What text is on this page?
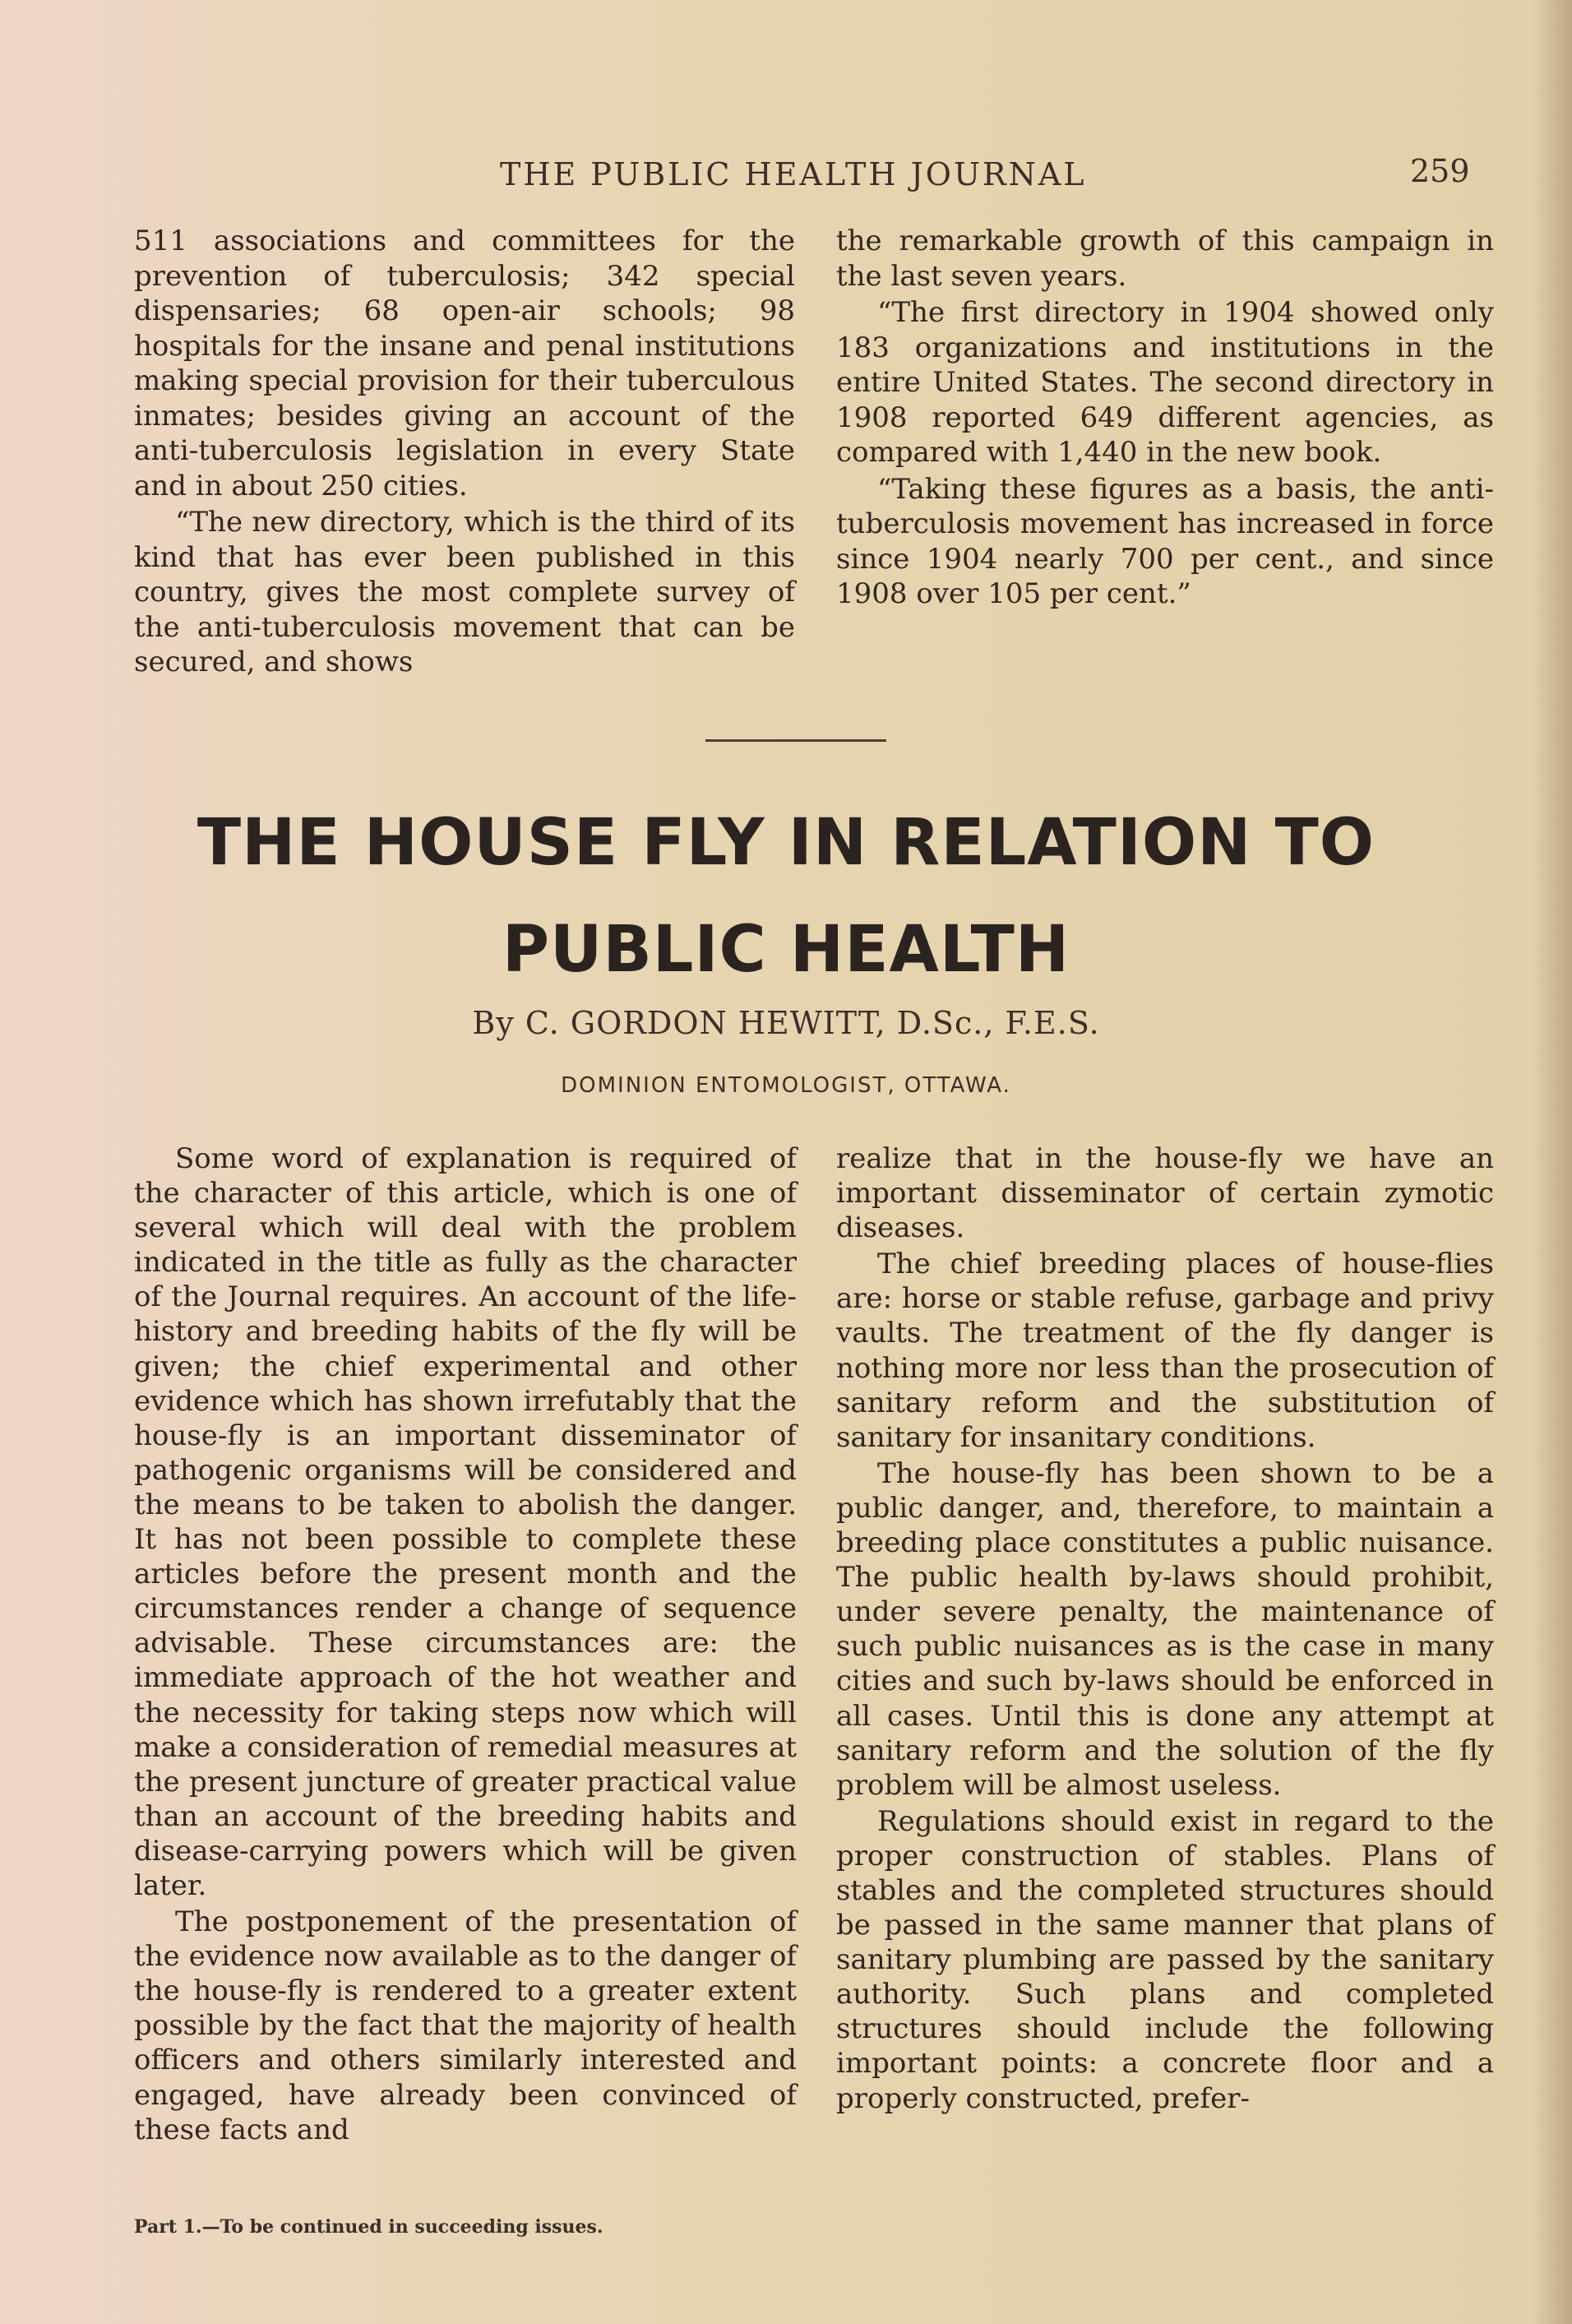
THE PUBLIC HEALTH JOURNAL	259

511 associations and committees for the prevention of tuberculosis; 342 special dispensaries; 68 open-air schools; 98 hospitals for the insane and penal institutions making special provision for their tuberculous inmates; besides giving an account of the anti-tuberculosis legislation in every State and in about 250 cities.

“The new directory, which is the third of its kind that has ever been published in this country, gives the most complete survey of the anti-tuberculosis movement that can be secured, and shows

the remarkable growth of this campaign in the last seven years.

“The first directory in 1904 showed only 183 organizations and institutions in the entire United States. The second directory in 1908 reported 649 different agencies, as compared with 1,440 in the new book.

“Taking these figures as a basis, the anti-tuberculosis movement has increased in force since 1904 nearly 700 per cent., and since 1908 over 105 per cent.”

THE HOUSE FLY IN RELATION TO
PUBLIC HEALTH
By C. GORDON HEWITT, D.Sc., F.E.S.
DOMINION ENTOMOLOGIST, OTTAWA.

Some word of explanation is required of the character of this article, which is one of several which will deal with the problem indicated in the title as fully as the character of the Journal requires. An account of the life-history and breeding habits of the fly will be given; the chief experimental and other evidence which has shown irrefutably that the house-fly is an important disseminator of pathogenic organisms will be considered and the means to be taken to abolish the danger. It has not been possible to complete these articles before the present month and the circumstances render a change of sequence advisable. These circumstances are: the immediate approach of the hot weather and the necessity for taking steps now which will make a consideration of remedial measures at the present juncture of greater practical value than an account of the breeding habits and disease-carrying powers which will be given later.

The postponement of the presentation of the evidence now available as to the danger of the house-fly is rendered to a greater extent possible by the fact that the majority of health officers and others similarly interested and engaged, have already been convinced of these facts and

realize that in the house-fly we have an important disseminator of certain zymotic diseases.

The chief breeding places of house-flies are: horse or stable refuse, garbage and privy vaults. The treatment of the fly danger is nothing more nor less than the prosecution of sanitary reform and the substitution of sanitary for insanitary conditions.

The house-fly has been shown to be a public danger, and, therefore, to maintain a breeding place constitutes a public nuisance. The public health by-laws should prohibit, under severe penalty, the maintenance of such public nuisances as is the case in many cities and such by-laws should be enforced in all cases. Until this is done any attempt at sanitary reform and the solution of the fly problem will be almost useless.

Regulations should exist in regard to the proper construction of stables. Plans of stables and the completed structures should be passed in the same manner that plans of sanitary plumbing are passed by the sanitary authority. Such plans and completed structures should include the following important points: a concrete floor and a properly constructed, prefer-

Part 1.—To be continued in succeeding issues.
